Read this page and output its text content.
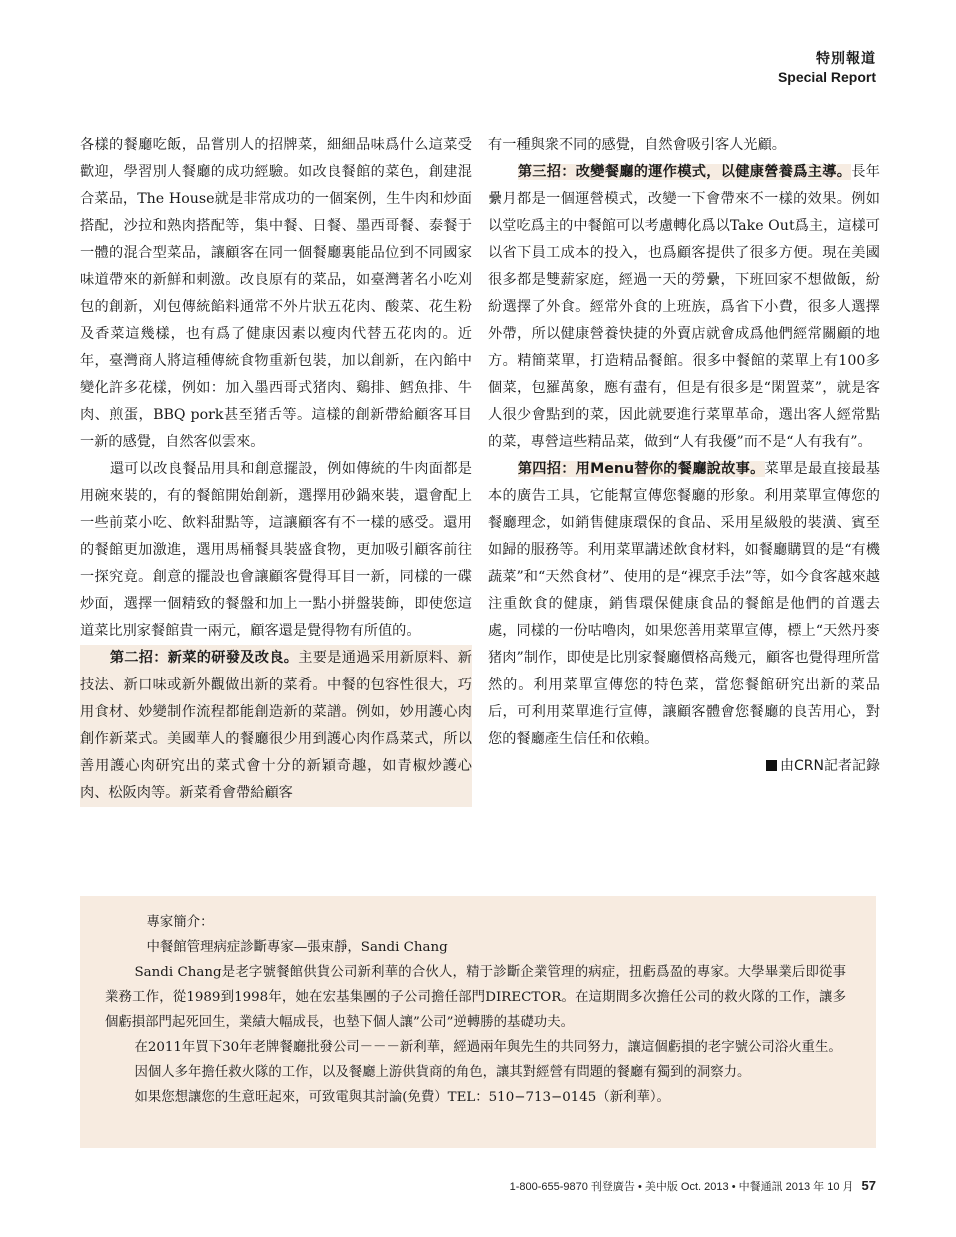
特別報道
Special Report

各樣的餐廳吃飯，品嘗別人的招牌菜，細細品味爲什么這菜受歡迎，學習別人餐廳的成功經驗。如改良餐館的菜色，創建混合菜品，The House就是非常成功的一個案例，生牛肉和炒面搭配，沙拉和熟肉搭配等，集中餐、日餐、墨西哥餐、泰餐于一體的混合型菜品，讓顧客在同一個餐廳裏能品位到不同國家味道帶來的新鮮和刺激。改良原有的菜品，如臺灣著名小吃刈包的創新，刈包傳統餡料通常不外片狀五花肉、酸菜、花生粉及香菜這幾樣，也有爲了健康因素以瘦肉代替五花肉的。近年，臺灣商人將這種傳統食物重新包裝，加以創新，在內餡中變化許多花樣，例如：加入墨西哥式猪肉、鷄排、鱈魚排、牛肉、煎蛋，BBQ pork甚至猪舌等。這樣的創新帶給顧客耳目一新的感覺，自然客似雲來。

還可以改良餐品用具和創意擺設，例如傳統的牛肉面都是用碗來裝的，有的餐館開始創新，選擇用砂鍋來裝，還會配上一些前菜小吃、飲料甜點等，這讓顧客有不一樣的感受。還用的餐館更加激進，選用馬桶餐具裝盛食物，更加吸引顧客前往一探究竟。創意的擺設也會讓顧客覺得耳目一新，同樣的一碟炒面，選擇一個精致的餐盤和加上一點小拼盤裝飾，即使您這道菜比別家餐館貴一兩元，顧客還是覺得物有所值的。

第二招：新菜的研發及改良。主要是通過采用新原料、新技法、新口味或新外觀做出新的菜肴。中餐的包容性很大，巧用食材、妙變制作流程都能創造新的菜譜。例如，妙用護心肉創作新菜式。美國華人的餐廳很少用到護心肉作爲菜式，所以善用護心肉研究出的菜式會十分的新穎奇趣，如青椒炒護心肉、松阪肉等。新菜肴會帶給顧客

有一種與衆不同的感覺，自然會吸引客人光顧。

第三招：改變餐廳的運作模式，以健康營養爲主導。長年纍月都是一個運營模式，改變一下會帶來不一樣的效果。例如以堂吃爲主的中餐館可以考慮轉化爲以Take Out爲主，這樣可以省下員工成本的投入，也爲顧客提供了很多方便。現在美國很多都是雙薪家庭，經過一天的勞纍，下班回家不想做飯，紛紛選擇了外食。經常外食的上班族，爲省下小費，很多人選擇外帶，所以健康營養快捷的外賣店就會成爲他們經常關顧的地方。精簡菜單，打造精品餐館。很多中餐館的菜單上有100多個菜，包羅萬象，應有盡有，但是有很多是“閑置菜”，就是客人很少會點到的菜，因此就要進行菜單革命，選出客人經常點的菜，專營這些精品菜，做到“人有我優”而不是“人有我有”。

第四招：用Menu替你的餐廳說故事。菜單是最直接最基本的廣告工具，它能幫宣傳您餐廳的形象。利用菜單宣傳您的餐廳理念，如銷售健康環保的食品、采用星級般的裝潢、賓至如歸的服務等。利用菜單講述飲食材料，如餐廳購買的是“有機蔬菜”和“天然食材”、使用的是“裸烹手法”等，如今食客越來越注重飲食的健康，銷售環保健康食品的餐館是他們的首選去處，同樣的一份咕嚕肉，如果您善用菜單宣傳，標上“天然丹麥猪肉”制作，即使是比別家餐廳價格高幾元，顧客也覺得理所當然的。利用菜單宣傳您的特色菜，當您餐館研究出新的菜品后，可利用菜單進行宣傳，讓顧客體會您餐廳的良苦用心，對您的餐廳產生信任和依賴。

由CRN記者記錄

專家簡介：

中餐館管理病症診斷專家—張束靜，Sandi Chang

Sandi Chang是老字號餐館供貨公司新利華的合伙人，精于診斷企業管理的病症，扭虧爲盈的專家。大學畢業后即從事業務工作，從1989到1998年，她在宏基集團的子公司擔任部門DIRECTOR。在這期間多次擔任公司的救火隊的工作，讓多個虧損部門起死回生，業績大幅成長，也墊下個人讓”公司”逆轉勝的基礎功夫。

在2011年買下30年老牌餐廳批發公司－－－新利華，經過兩年與先生的共同努力，讓這個虧損的老字號公司浴火重生。

因個人多年擔任救火隊的工作，以及餐廳上游供貨商的角色，讓其對經營有問題的餐廳有獨到的洞察力。

如果您想讓您的生意旺起來，可致電與其討論(免費）TEL：510−713−0145（新利華）。

1-800-655-9870 刊登廣告 • 美中版 Oct. 2013 • 中餐通訊 2013 年 10 月 57
